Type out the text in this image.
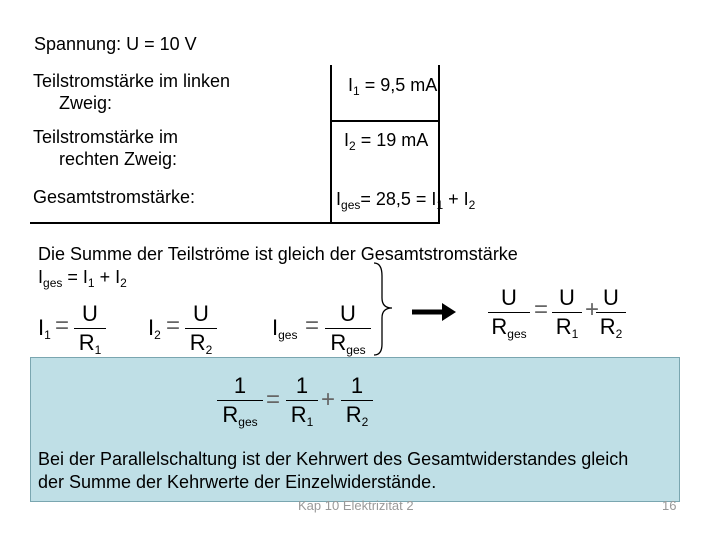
Spannung: U = 10 V
Teilstromstärke im linken
Zweig:
$I_1 = 9,5$ mA
Teilstromstärke im
rechten Zweig:
$I_2 = 19$ mA
Gesamtstromstärke:	$I_{ges}= 28,5 = I_1 + I_2$
Die Summe der Teilströme ist gleich der Gesamtstromstärke
$I_{ges} = I_1 + I_2$
$I_1 = U$
$R_1$
$I_2 = U$
$R_2$
$I_{ges} = U$
$R_{ges}$
U
$R_{ges}$
= U
$R_1$
+ U
$R_2$
1
$R_{ges}$
=
1
$R_1$
+
1
$R_2$
Bei der Parallelschaltung ist der Kehrwert des Gesamtwiderstandes gleich
der Summe der Kehrwerte der Einzelwiderstände.
Kap 10 Elektrizität 2	16
